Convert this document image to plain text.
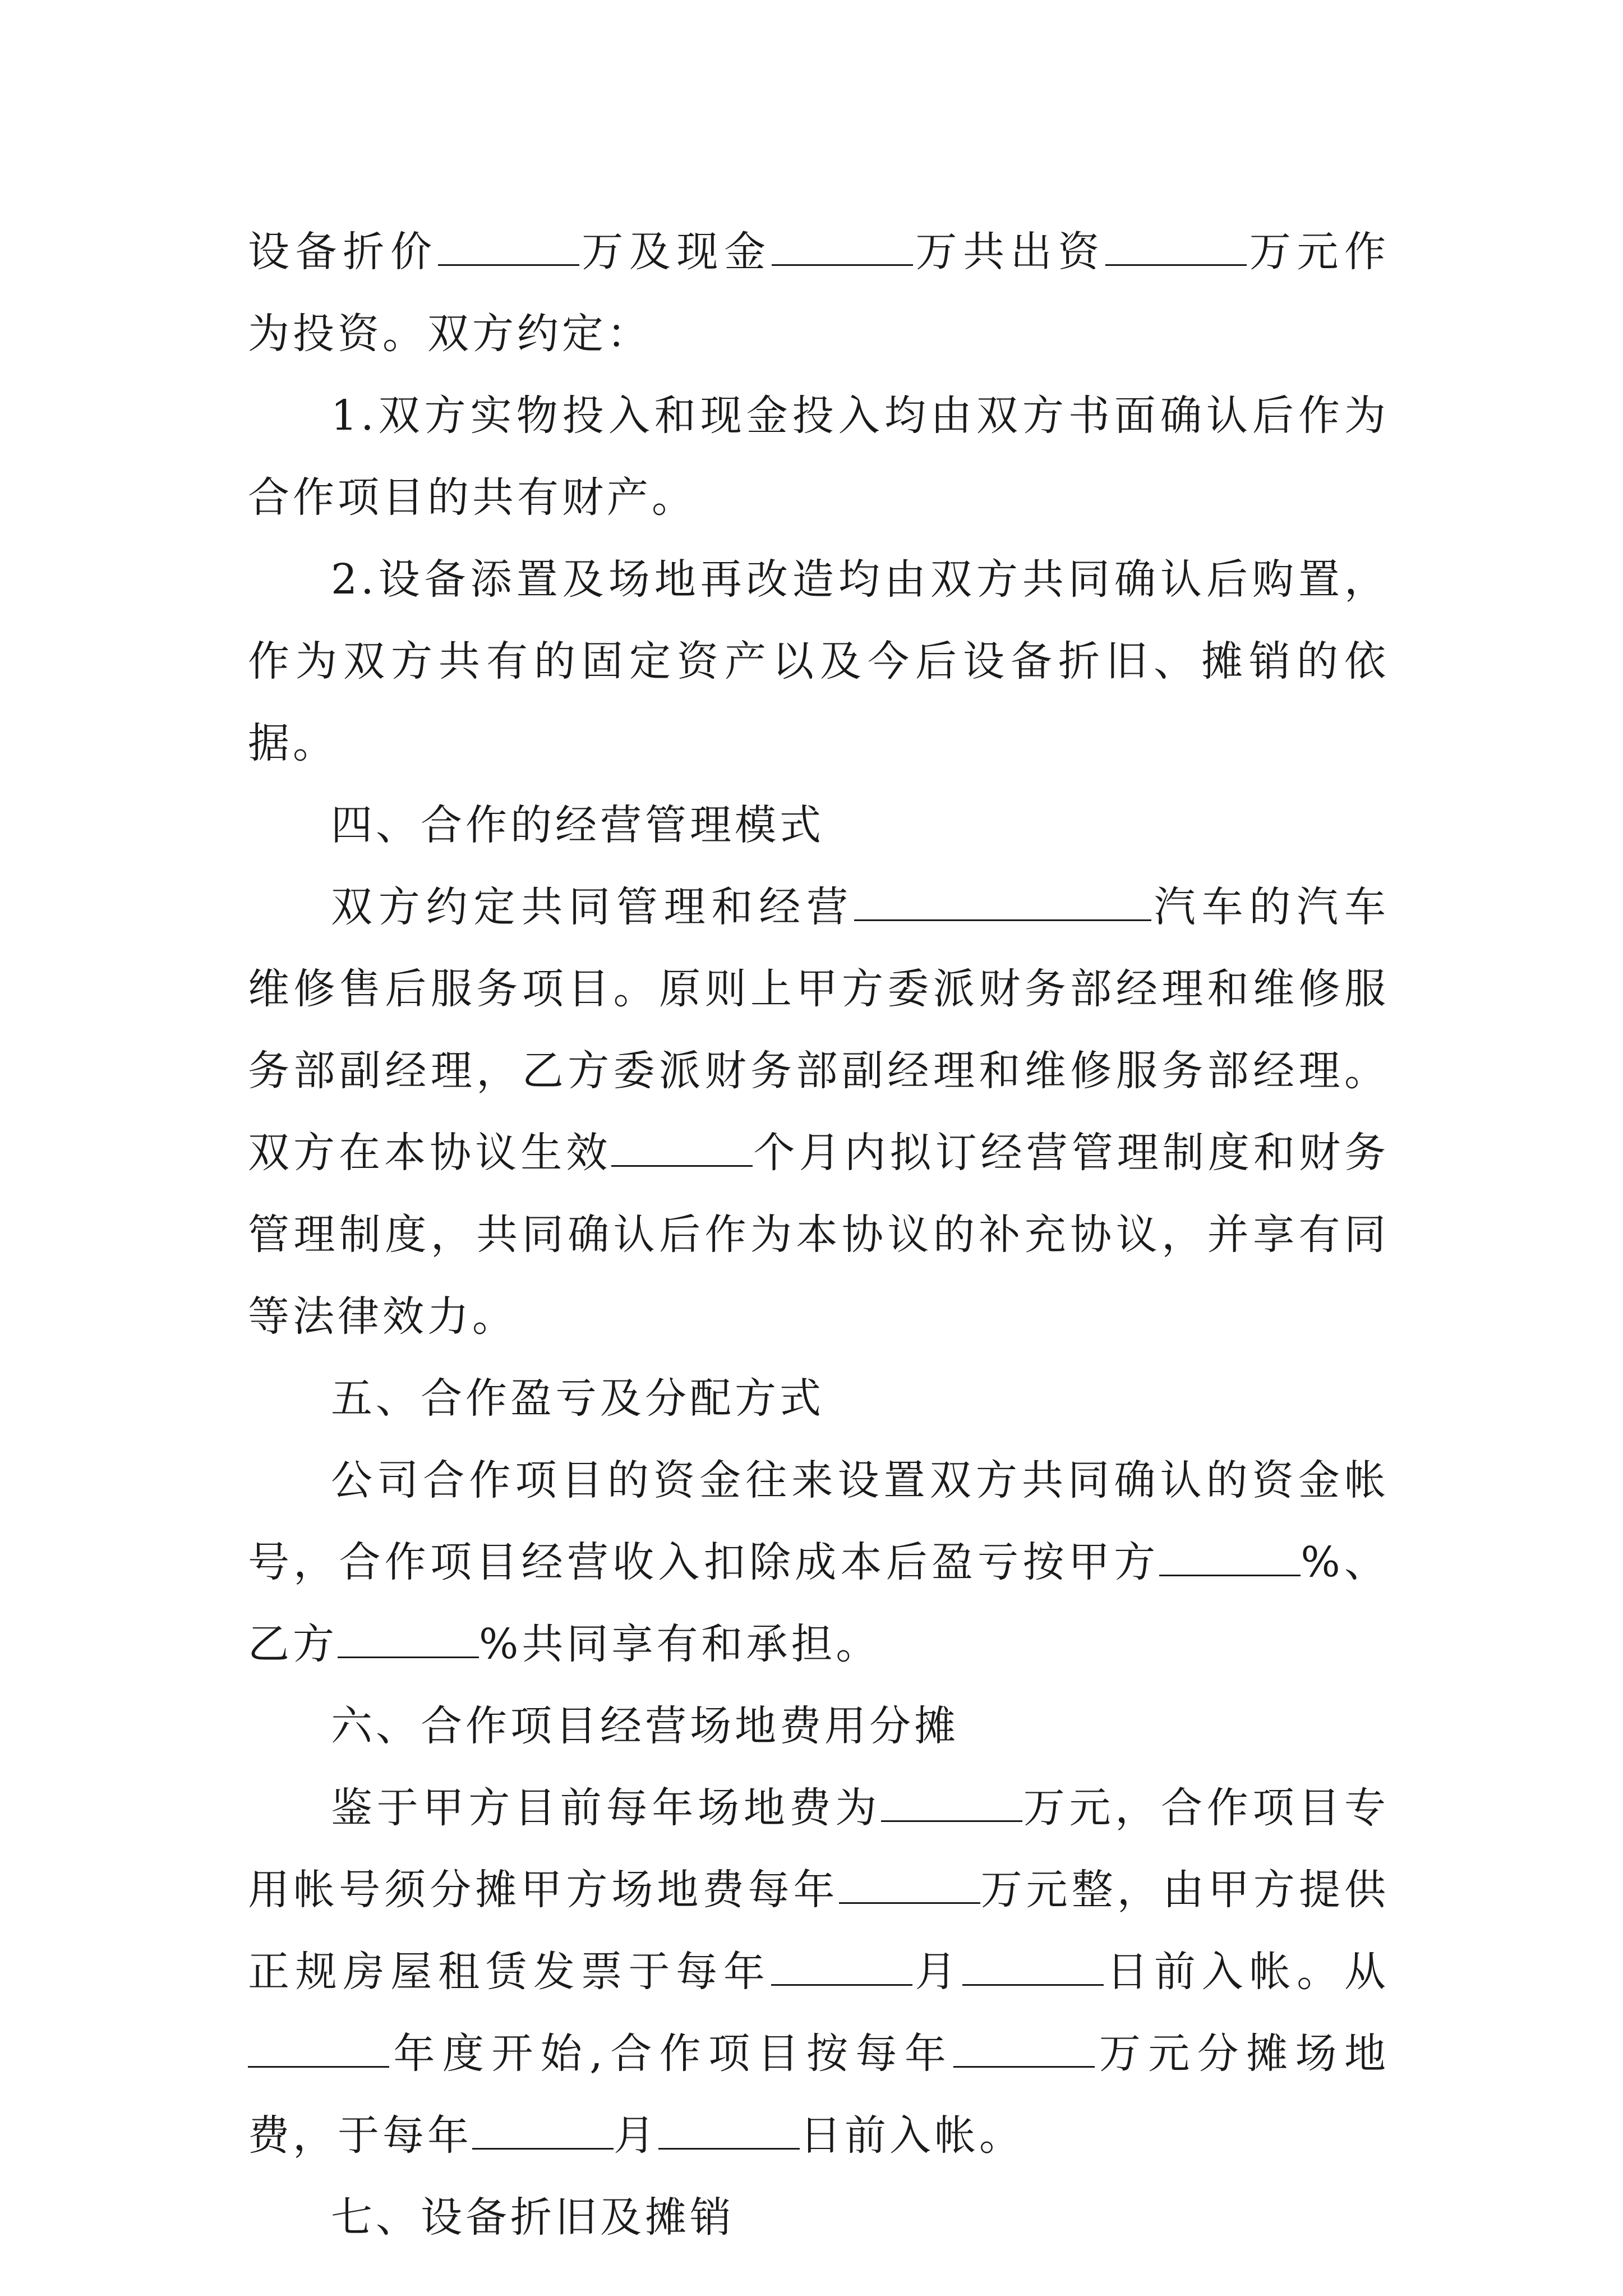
设备折价	万及现金	万共出资	万元作为投资。双方约定：

1.双方实物投入和现金投入均由双方书面确认后作为合作项目的共有财产。

2.设备添置及场地再改造均由双方共同确认后购置，作为双方共有的固定资产以及今后设备折旧、摊销的依据。

四、合作的经营管理模式

双方约定共同管理和经营	汽车的汽车维修售后服务项目。原则上甲方委派财务部经理和维修服务部副经理，乙方委派财务部副经理和维修服务部经理。双方在本协议生效	个月内拟订经营管理制度和财务管理制度，共同确认后作为本协议的补充协议，并享有同等法律效力。

五、合作盈亏及分配方式

公司合作项目的资金往来设置双方共同确认的资金帐号，合作项目经营收入扣除成本后盈亏按甲方	%、乙方	%共同享有和承担。

六、合作项目经营场地费用分摊

鉴于甲方目前每年场地费为	万元，合作项目专用帐号须分摊甲方场地费每年	万元整，由甲方提供正规房屋租赁发票于每年	月	日前入帐。从年度开始,合作项目按每年	万元分摊场地费，于每年	月	日前入帐。

七、设备折旧及摊销
